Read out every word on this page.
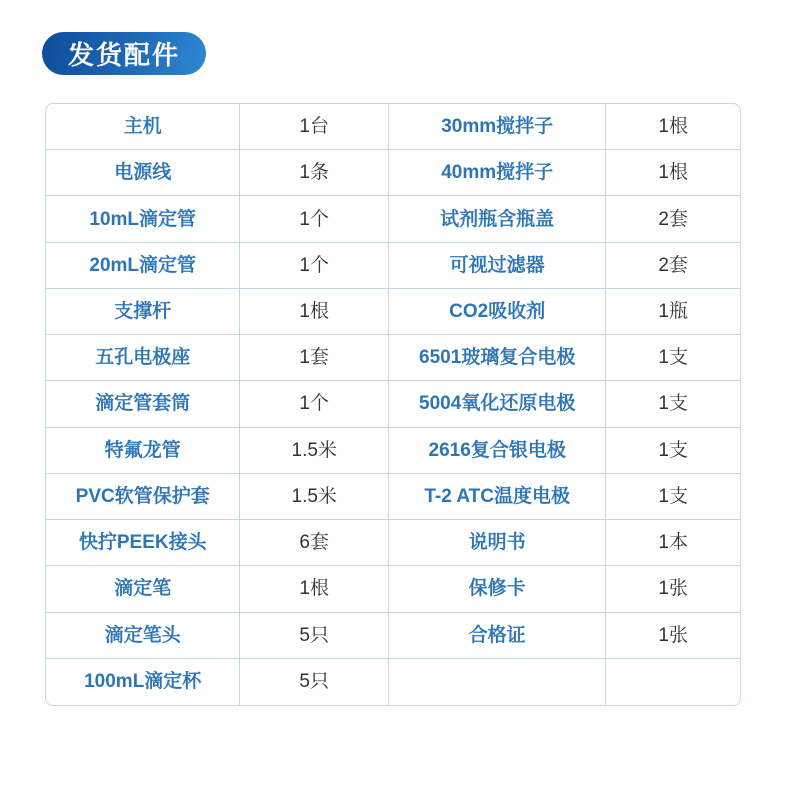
发货配件
主机	1台	30mm搅拌子	1根
电源线	1条	40mm搅拌子	1根
10mL滴定管	1个	试剂瓶含瓶盖	2套
20mL滴定管	1个	可视过滤器	2套
支撑杆	1根	CO2吸收剂	1瓶
五孔电极座	1套	6501玻璃复合电极	1支
滴定管套筒	1个	5004氧化还原电极	1支
特氟龙管	1.5米	2616复合银电极	1支
PVC软管保护套	1.5米	T-2 ATC温度电极	1支
快拧PEEK接头	6套	说明书	1本
滴定笔	1根	保修卡	1张
滴定笔头	5只	合格证	1张
100mL滴定杯	5只
